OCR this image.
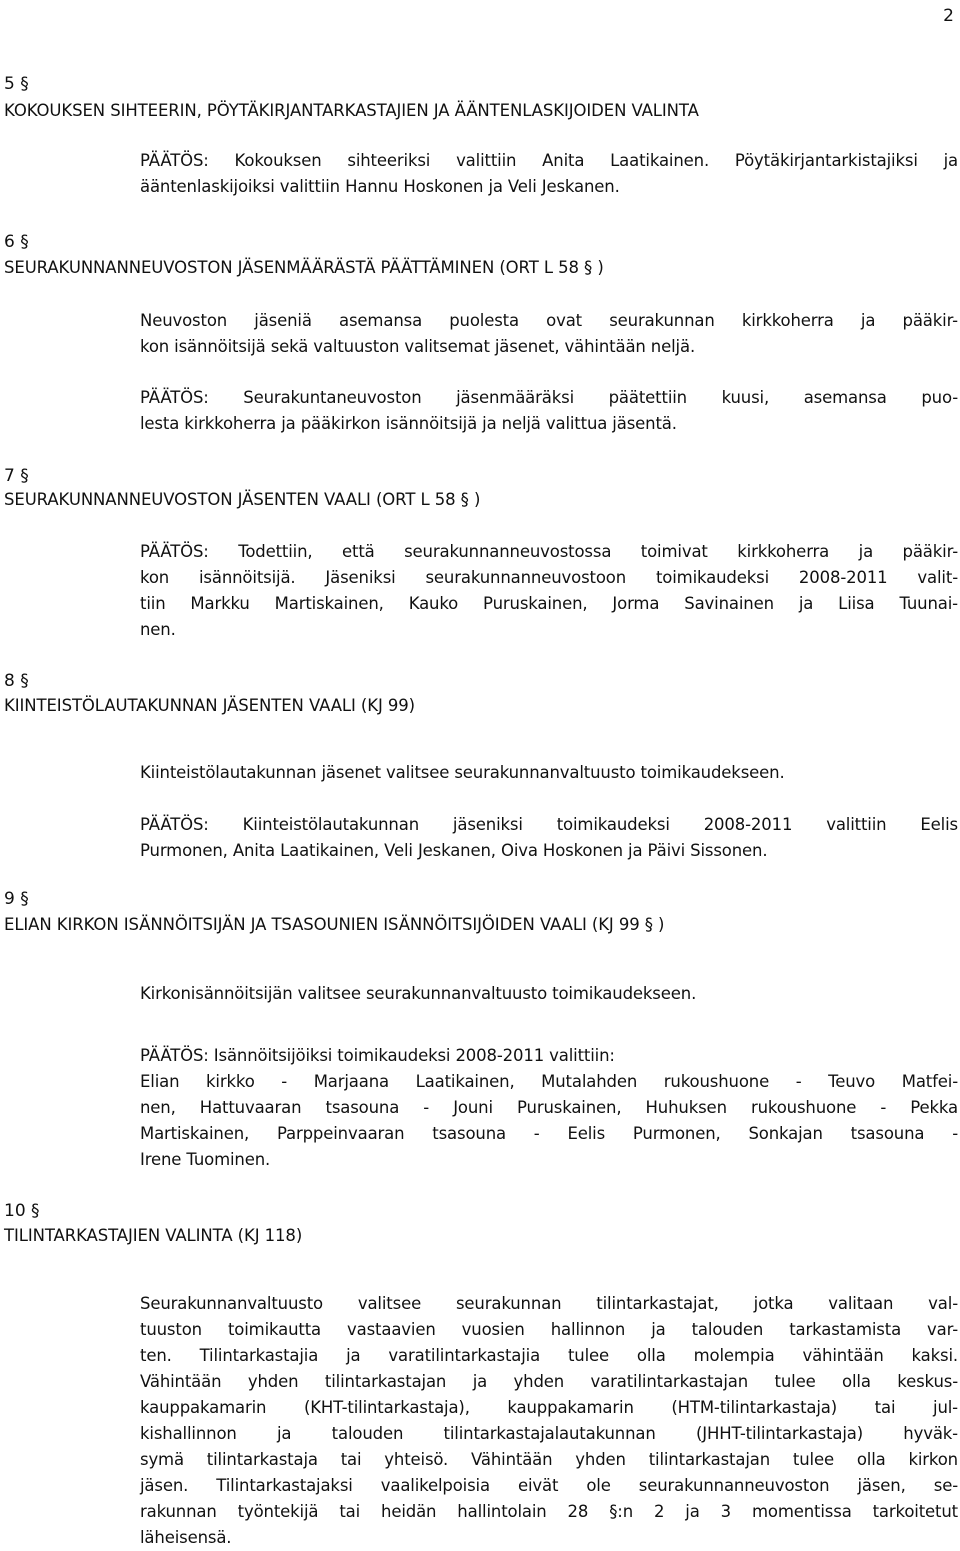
2
5 §
KOKOUKSEN SIHTEERIN, PÖYTÄKIRJANTARKASTAJIEN JA ÄÄNTENLASKIJOIDEN VALINTA
PÄÄTÖS: Kokouksen sihteeriksi valittiin Anita Laatikainen. Pöytäkirjantarkistajiksi ja
ääntenlaskijoiksi valittiin Hannu Hoskonen ja Veli Jeskanen.
6 §
SEURAKUNNANNEUVOSTON JÄSENMÄÄRÄSTÄ PÄÄTTÄMINEN (ORT L 58 § )
Neuvoston jäseniä asemansa puolesta ovat seurakunnan kirkkoherra ja pääkir-
kon isännöitsijä sekä valtuuston valitsemat jäsenet, vähintään neljä.
PÄÄTÖS: Seurakuntaneuvoston jäsenmääräksi päätettiin kuusi, asemansa puo-
lesta kirkkoherra ja pääkirkon isännöitsijä ja neljä valittua jäsentä.
7 §
SEURAKUNNANNEUVOSTON JÄSENTEN VAALI (ORT L 58 § )
PÄÄTÖS: Todettiin, että seurakunnanneuvostossa toimivat kirkkoherra ja pääkir-
kon isännöitsijä. Jäseniksi seurakunnanneuvostoon toimikaudeksi 2008-2011 valit-
tiin Markku Martiskainen, Kauko Puruskainen, Jorma Savinainen ja Liisa Tuunai-
nen.
8 §
KIINTEISTÖLAUTAKUNNAN JÄSENTEN VAALI (KJ 99)
Kiinteistölautakunnan jäsenet valitsee seurakunnanvaltuusto toimikaudekseen.
PÄÄTÖS: Kiinteistölautakunnan jäseniksi toimikaudeksi 2008-2011 valittiin Eelis
Purmonen, Anita Laatikainen, Veli Jeskanen, Oiva Hoskonen ja Päivi Sissonen.
9 §
ELIAN KIRKON ISÄNNÖITSIJÄN JA TSASOUNIEN ISÄNNÖITSIJÖIDEN VAALI (KJ 99 § )
Kirkonisännöitsijän valitsee seurakunnanvaltuusto toimikaudekseen.
PÄÄTÖS: Isännöitsijöiksi toimikaudeksi 2008-2011 valittiin:
Elian kirkko - Marjaana Laatikainen, Mutalahden rukoushuone - Teuvo Matfei-
nen, Hattuvaaran tsasouna - Jouni Puruskainen, Huhuksen rukoushuone - Pekka
Martiskainen, Parppeinvaaran tsasouna - Eelis Purmonen, Sonkajan tsasouna -
Irene Tuominen.
10 §
TILINTARKASTAJIEN VALINTA (KJ 118)
Seurakunnanvaltuusto valitsee seurakunnan tilintarkastajat, jotka valitaan val-
tuuston toimikautta vastaavien vuosien hallinnon ja talouden tarkastamista var-
ten. Tilintarkastajia ja varatilintarkastajia tulee olla molempia vähintään kaksi.
Vähintään yhden tilintarkastajan ja yhden varatilintarkastajan tulee olla keskus-
kauppakamarin (KHT-tilintarkastaja), kauppakamarin (HTM-tilintarkastaja) tai jul-
kishallinnon ja talouden tilintarkastajalautakunnan (JHHT-tilintarkastaja) hyväk-
symä tilintarkastaja tai yhteisö. Vähintään yhden tilintarkastajan tulee olla kirkon
jäsen. Tilintarkastajaksi vaalikelpoisia eivät ole seurakunnanneuvoston jäsen, se-
rakunnan työntekijä tai heidän hallintolain 28 §:n 2 ja 3 momentissa tarkoitetut
läheisensä.
